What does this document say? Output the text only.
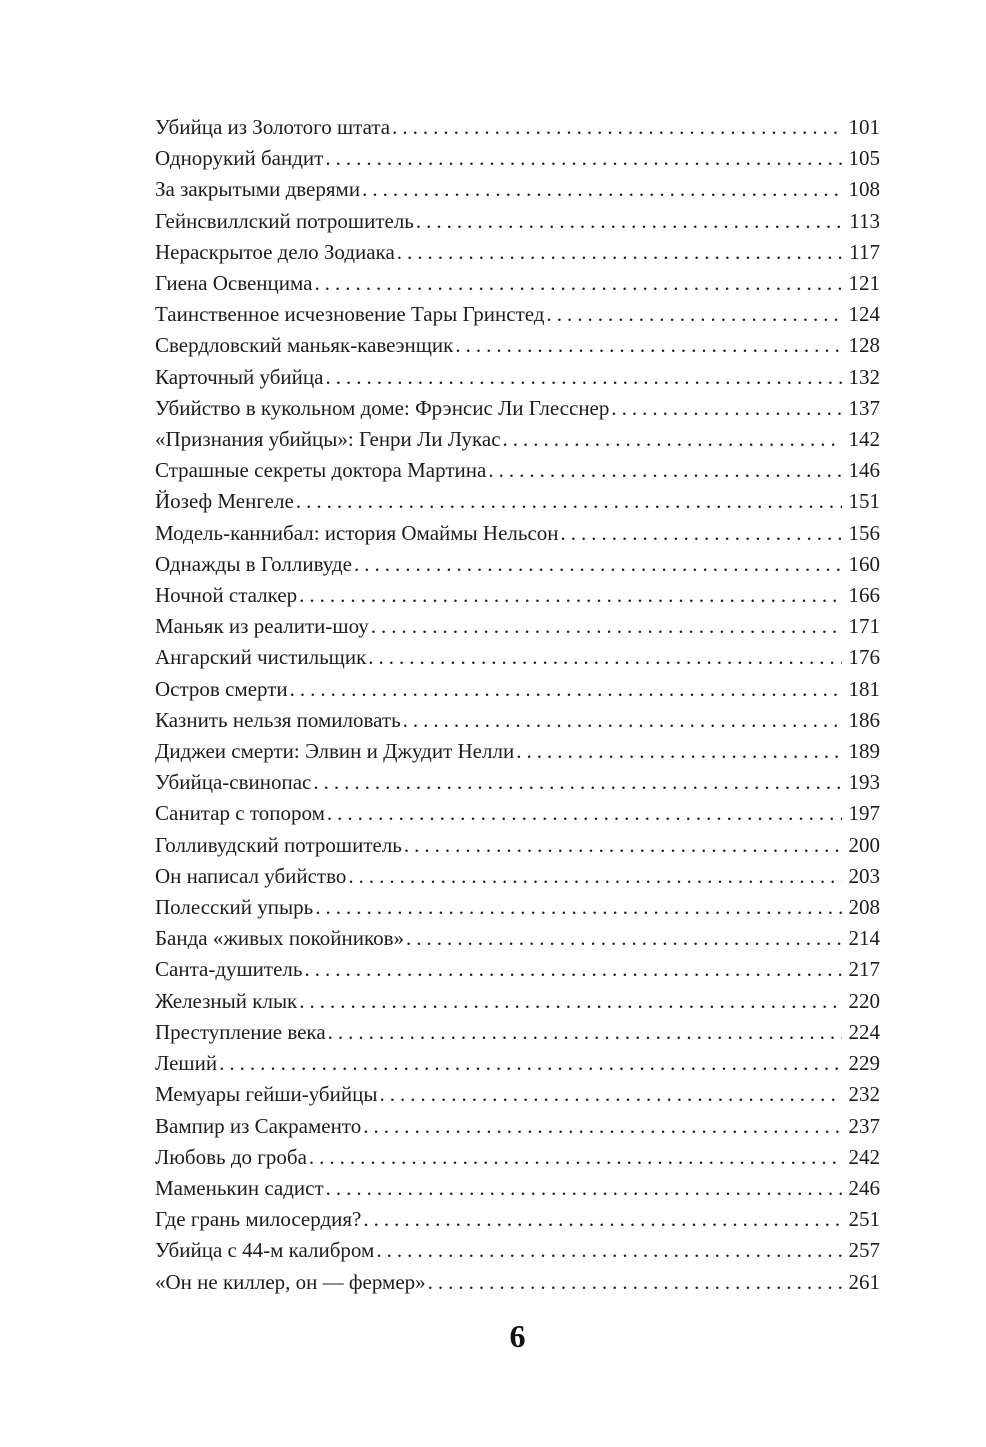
Убийца из Золотого штата .....	101
Однорукий бандит .....	105
За закрытыми дверями .....	108
Гейнсвиллский потрошитель .....	113
Нераскрытое дело Зодиака .....	117
Гиена Освенцима .....	121
Таинственное исчезновение Тары Гринстед .....	124
Свердловский маньяк-кавеэнщик .....	128
Карточный убийца .....	132
Убийство в кукольном доме: Фрэнсис Ли Глесснер .....	137
«Признания убийцы»: Генри Ли Лукас .....	142
Страшные секреты доктора Мартина .....	146
Йозеф Менгеле .....	151
Модель-каннибал: история Омаймы Нельсон .....	156
Однажды в Голливуде .....	160
Ночной сталкер .....	166
Маньяк из реалити-шоу .....	171
Ангарский чистильщик .....	176
Остров смерти .....	181
Казнить нельзя помиловать .....	186
Диджеи смерти: Элвин и Джудит Нелли .....	189
Убийца-свинопас .....	193
Санитар с топором .....	197
Голливудский потрошитель .....	200
Он написал убийство .....	203
Полесский упырь .....	208
Банда «живых покойников» .....	214
Санта-душитель .....	217
Железный клык .....	220
Преступление века .....	224
Леший .....	229
Мемуары гейши-убийцы .....	232
Вампир из Сакраменто .....	237
Любовь до гроба .....	242
Маменькин садист .....	246
Где грань милосердия? .....	251
Убийца с 44-м калибром .....	257
«Он не киллер, он — фермер» .....	261
6
